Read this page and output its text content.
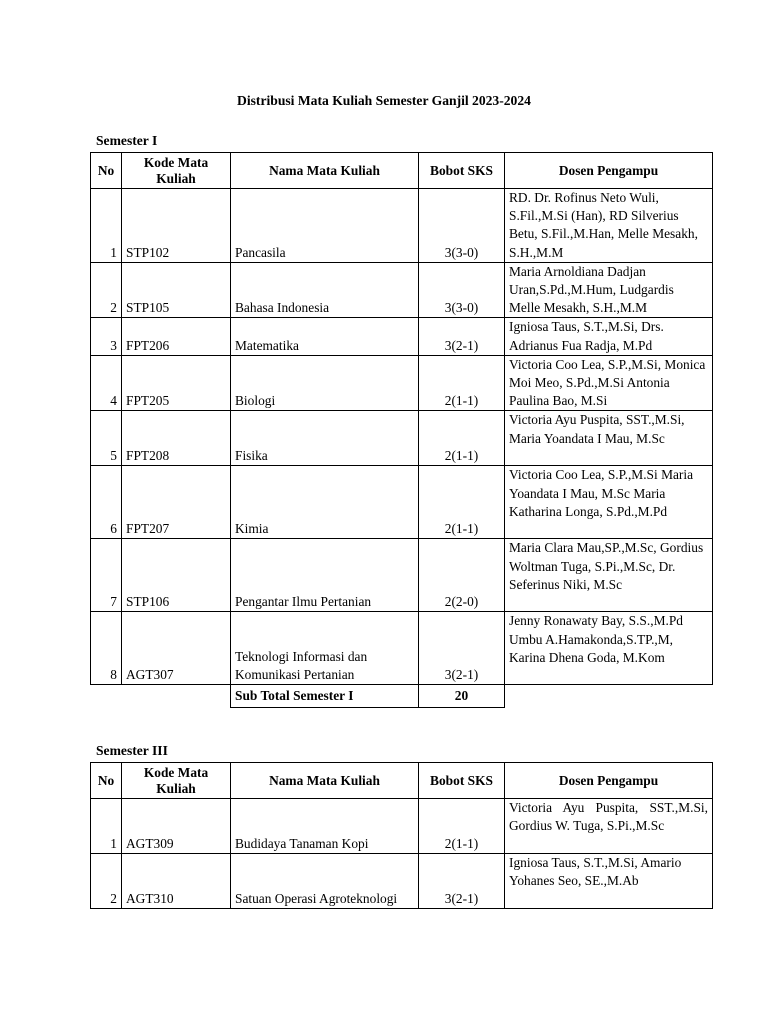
Distribusi Mata Kuliah Semester Ganjil 2023-2024
Semester I
No	Kode Mata Kuliah	Nama Mata Kuliah	Bobot SKS	Dosen Pengampu
1	STP102	Pancasila	3(3-0)	RD. Dr. Rofinus Neto Wuli, S.Fil.,M.Si (Han), RD Silverius Betu, S.Fil.,M.Han, Melle Mesakh, S.H.,M.M
2	STP105	Bahasa Indonesia	3(3-0)	Maria Arnoldiana Dadjan Uran,S.Pd.,M.Hum, Ludgardis Melle Mesakh, S.H.,M.M
3	FPT206	Matematika	3(2-1)	Igniosa Taus, S.T.,M.Si, Drs. Adrianus Fua Radja, M.Pd
4	FPT205	Biologi	2(1-1)	Victoria Coo Lea, S.P.,M.Si, Monica Moi Meo, S.Pd.,M.Si Antonia Paulina Bao, M.Si
5	FPT208	Fisika	2(1-1)	Victoria Ayu Puspita, SST.,M.Si, Maria Yoandata I Mau, M.Sc
6	FPT207	Kimia	2(1-1)	Victoria Coo Lea, S.P.,M.Si Maria Yoandata I Mau, M.Sc Maria Katharina Longa, S.Pd.,M.Pd
7	STP106	Pengantar Ilmu Pertanian	2(2-0)	Maria Clara Mau,SP.,M.Sc, Gordius Woltman Tuga, S.Pi.,M.Sc, Dr. Seferinus Niki, M.Sc
8	AGT307	Teknologi Informasi dan Komunikasi Pertanian	3(2-1)	Jenny Ronawaty Bay, S.S.,M.Pd Umbu A.Hamakonda,S.TP.,M, Karina Dhena Goda, M.Kom
		Sub Total Semester I	20	
Semester III
No	Kode Mata Kuliah	Nama Mata Kuliah	Bobot SKS	Dosen Pengampu
1	AGT309	Budidaya Tanaman Kopi	2(1-1)	Victoria Ayu Puspita, SST.,M.Si, Gordius W. Tuga, S.Pi.,M.Sc
2	AGT310	Satuan Operasi Agroteknologi	3(2-1)	Igniosa Taus, S.T.,M.Si, Amario Yohanes Seo, SE.,M.Ab
